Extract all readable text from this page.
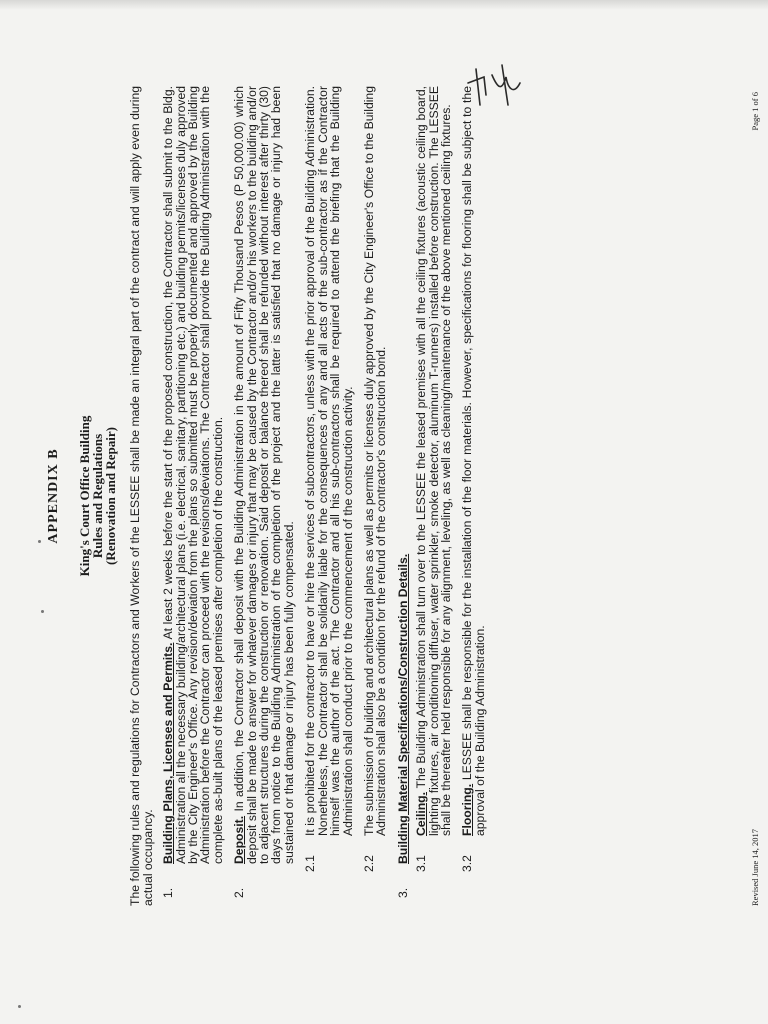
APPENDIX B King's Court Office Building
Rules and Regulations
(Renovation and Repair) The following rules and regulations for Contractors and Workers of the LESSEE shall be made an integral part of the contract and will apply even during actual occupancy. 1.
Building Plans, Licenses and Permits. At least 2 weeks before the start of the proposed construction, the Contractor shall submit to the Bldg. Administration all the necessary building/architectural plans (i.e. electrical, sanitary, partitioning etc.) and building permits/licenses duly approved by the City Engineer's Office. Any revision/deviation from the plans so submitted must be properly documented and approved by the Building Administration before the Contractor can proceed with the revisions/deviations. The Contractor shall provide the Building Administration with the complete as-built plans of the leased premises after completion of the construction.
2.
Deposit. In addition, the Contractor shall deposit with the Building Administration in the amount of Fifty Thousand Pesos (P 50,000.00) which deposit shall be made to answer for whatever damages or injury that may be caused by the Contractor and/or his workers to the building and/or to adjacent structures during the construction or renovation. Said deposit or balance thereof shall be refunded without interest after thirty (30) days from notice to the Building Administration of the completion of the project and the latter is satisfied that no damage or injury had been sustained or that damage or injury has been fully compensated. 2.1
It is prohibited for the contractor to have or hire the services of subcontractors, unless with the prior approval of the Building Administration. Nonetheless, the Contractor shall be solidarily liable for the consequences of any and all acts of the sub-contractor as if the Contractor himself was the author of the act. The Contractor and all his sub-contractors shall be required to attend the briefing that the Building Administration shall conduct prior to the commencement of the construction activity.
2.2
The submission of building and architectural plans as well as permits or licenses duly approved by the City Engineer's Office to the Building Administration shall also be a condition for the refund of the contractor's construction bond.
3.
Building Material Specifications/Construction Details. 3.1
Ceiling. The Building Administration shall turn over to the LESSEE the leased premises with all the ceiling fixtures (acoustic ceiling board, lighting fixtures, air conditioning diffuser, water sprinkler, smoke detector, aluminum T-runners) installed before construction. The LESSEE shall be thereafter held responsible for any alignment, leveling, as well as cleaning/maintenance of the above mentioned ceiling fixtures.
3.2
Flooring. LESSEE shall be responsible for the installation of the floor materials. However, specifications for flooring shall be subject to the approval of the Building Administration.
Revised June 14, 2017
Page 1 of 6
